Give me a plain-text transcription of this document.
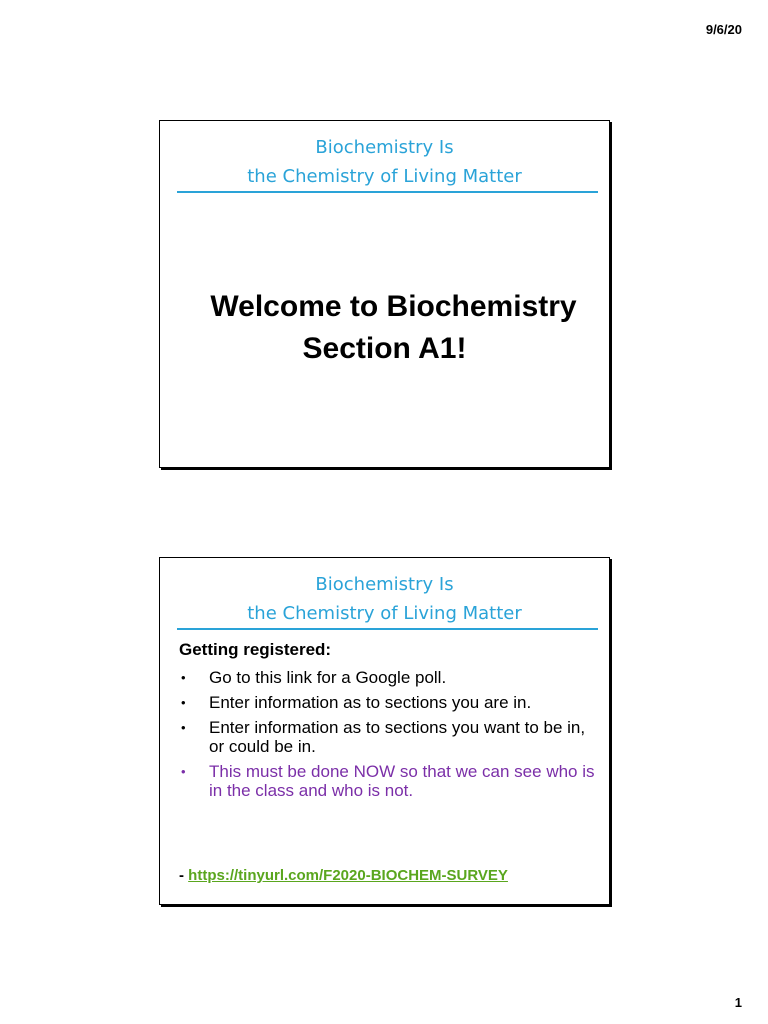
9/6/20
Biochemistry Is
the Chemistry of Living Matter
Welcome to Biochemistry
Section A1!
Biochemistry Is
the Chemistry of Living Matter
Getting registered:
• Go to this link for a Google poll.
• Enter information as to sections you are in.
• Enter information as to sections you want to be in, or could be in.
• This must be done NOW so that we can see who is in the class and who is not.
- https://tinyurl.com/F2020-BIOCHEM-SURVEY
1
